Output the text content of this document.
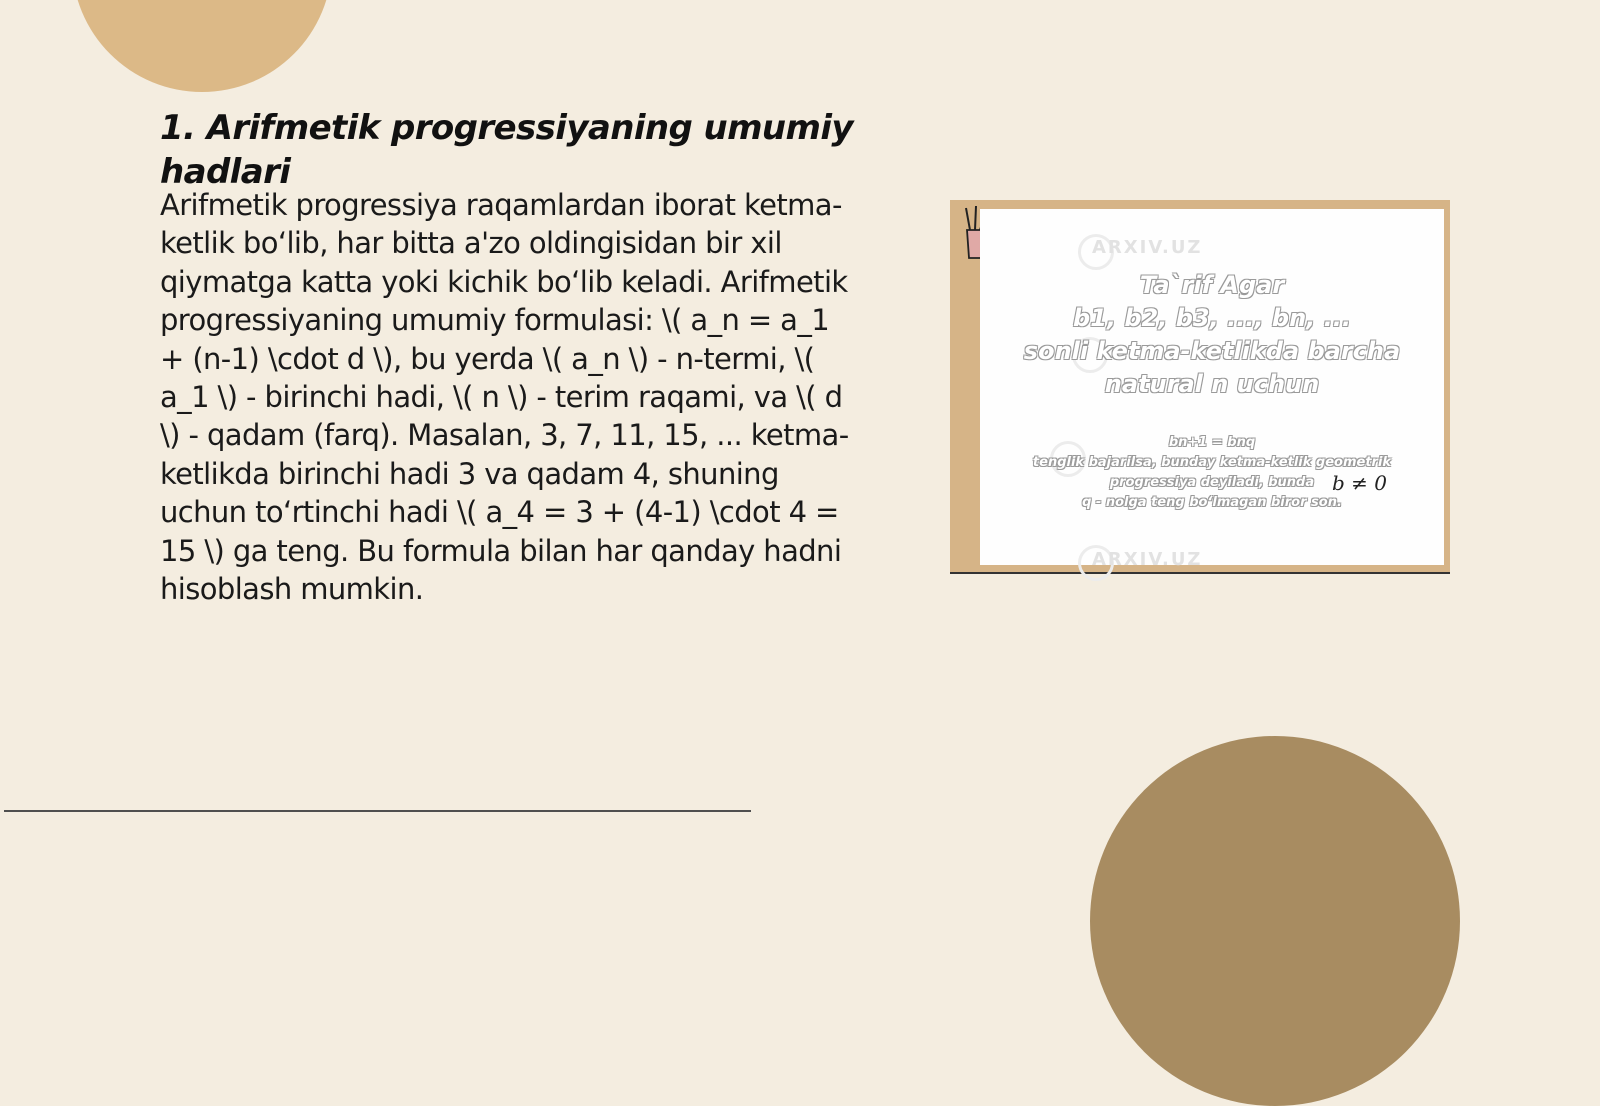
1. Arifmetik progressiyaning umumiy hadlari

Arifmetik progressiya raqamlardan iborat ketma-ketlik bo‘lib, har bitta a'zo oldingisidan bir xil qiymatga katta yoki kichik bo‘lib keladi. Arifmetik progressiyaning umumiy formulasi: \( a_n = a_1 + (n-1) \cdot d \), bu yerda \( a_n \) - n-termi, \( a_1 \) - birinchi hadi, \( n \) - terim raqami, va \( d \) - qadam (farq). Masalan, 3, 7, 11, 15, ... ketma-ketlikda birinchi hadi 3 va qadam 4, shuning uchun to‘rtinchi hadi \( a_4 = 3 + (4-1) \cdot 4 = 15 \) ga teng. Bu formula bilan har qanday hadni hisoblash mumkin.

ARXIV.UZ
ARXIV.UZ
Ta`rif Agar
b1, b2, b3, ..., bn, ...
sonli ketma-ketlikda barcha
natural n uchun
bn+1 = bnq
tenglik bajarilsa, bunday ketma-ketlik geometrik
progressiya deyiladi, bunda
q - nolga teng bo‘lmagan biror son.
b ≠ 0
